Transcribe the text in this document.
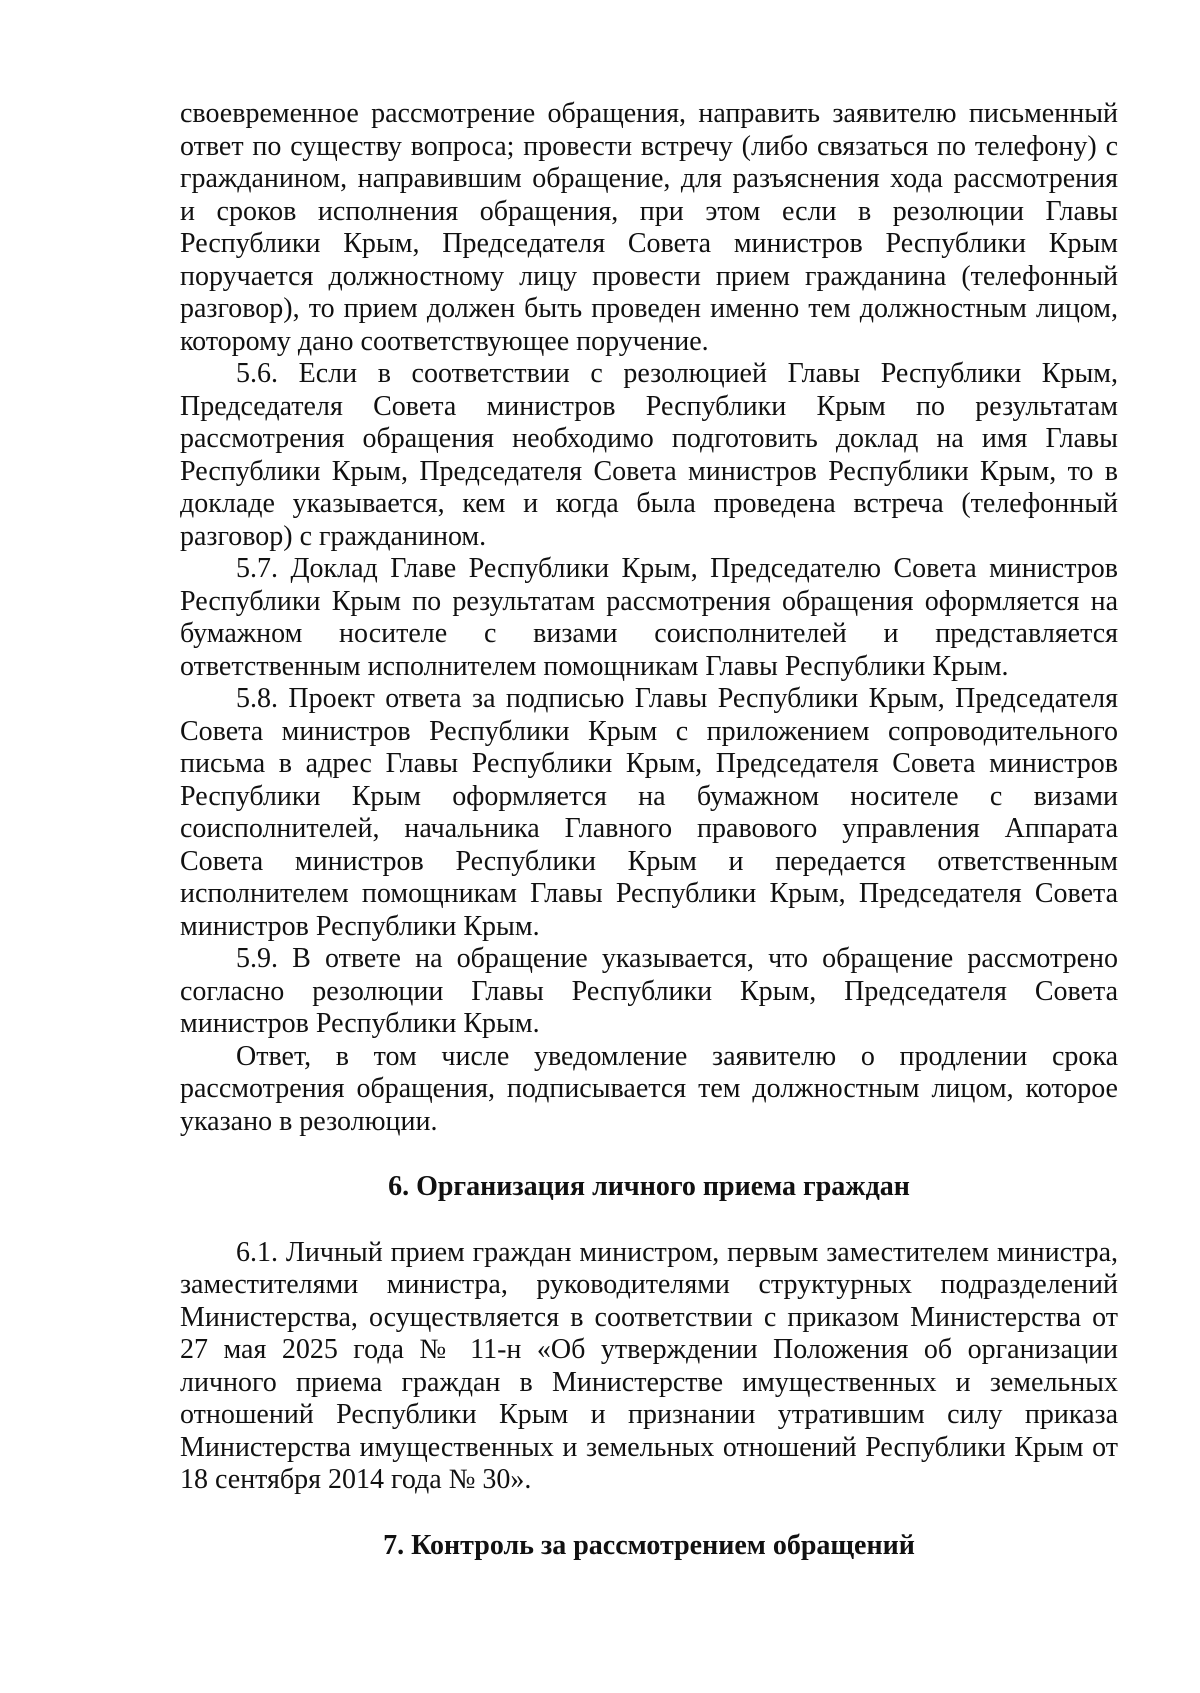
своевременное рассмотрение обращения, направить заявителю письменный ответ по существу вопроса; провести встречу (либо связаться по телефону) с гражданином, направившим обращение, для разъяснения хода рассмотрения и сроков исполнения обращения, при этом если в резолюции Главы Республики Крым, Председателя Совета министров Республики Крым поручается должностному лицу провести прием гражданина (телефонный разговор), то прием должен быть проведен именно тем должностным лицом, которому дано соответствующее поручение.

5.6. Если в соответствии с резолюцией Главы Республики Крым, Председателя Совета министров Республики Крым по результатам рассмотрения обращения необходимо подготовить доклад на имя Главы Республики Крым, Председателя Совета министров Республики Крым, то в докладе указывается, кем и когда была проведена встреча (телефонный разговор) с гражданином.

5.7. Доклад Главе Республики Крым, Председателю Совета министров Республики Крым по результатам рассмотрения обращения оформляется на бумажном носителе с визами соисполнителей и представляется ответственным исполнителем помощникам Главы Республики Крым.

5.8. Проект ответа за подписью Главы Республики Крым, Председателя Совета министров Республики Крым с приложением сопроводительного письма в адрес Главы Республики Крым, Председателя Совета министров Республики Крым оформляется на бумажном носителе с визами соисполнителей, начальника Главного правового управления Аппарата Совета министров Республики Крым и передается ответственным исполнителем помощникам Главы Республики Крым, Председателя Совета министров Республики Крым.

5.9. В ответе на обращение указывается, что обращение рассмотрено согласно резолюции Главы Республики Крым, Председателя Совета министров Республики Крым.

Ответ, в том числе уведомление заявителю о продлении срока рассмотрения обращения, подписывается тем должностным лицом, которое указано в резолюции.

6. Организация личного приема граждан

6.1. Личный прием граждан министром, первым заместителем министра, заместителями министра, руководителями структурных подразделений Министерства, осуществляется в соответствии с приказом Министерства от 27 мая 2025 года № 11-н «Об утверждении Положения об организации личного приема граждан в Министерстве имущественных и земельных отношений Республики Крым и признании утратившим силу приказа Министерства имущественных и земельных отношений Республики Крым от 18 сентября 2014 года № 30».

7. Контроль за рассмотрением обращений
